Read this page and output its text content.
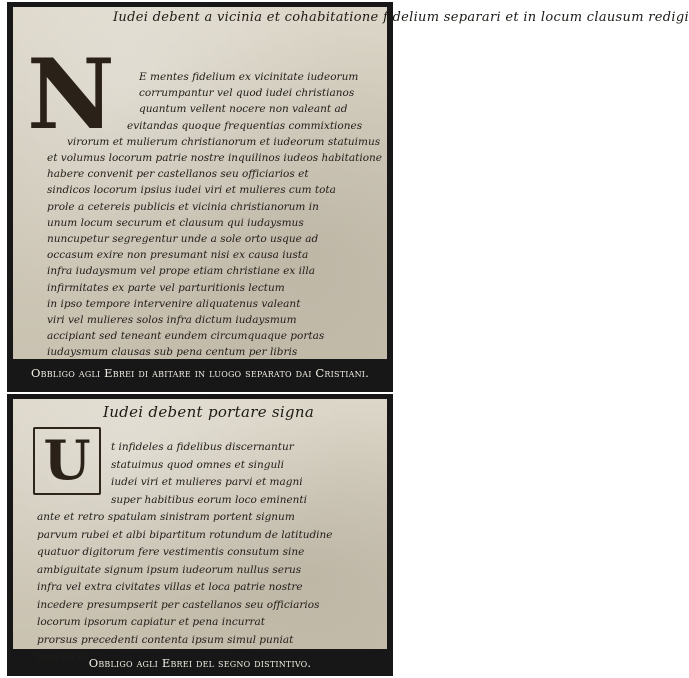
Iudei debent a vicinia et cohabitatione fidelium separari et in locum clausum redigi
N	E mentes fidelium ex vicinitate iudeorum
corrumpantur vel quod iudei christianos
quantum vellent nocere non valeant ad
evitandas quoque frequentias commixtiones
virorum et mulierum christianorum et iudeorum statuimus
et volumus locorum patrie nostre inquilinos iudeos habitatione
habere convenit per castellanos seu officiarios et
sindicos locorum ipsius iudei viri et mulieres cum tota
prole a cetereis publicis et vicinia christianorum in
unum locum securum et clausum qui iudaysmus
nuncupetur segregentur unde a sole orto usque ad
occasum exire non presumant nisi ex causa iusta
infra iudaysmum vel prope etiam christiane ex illa
infirmitates ex parte vel parturitionis lectum
in ipso tempore intervenire aliquatenus valeant
viri vel mulieres solos infra dictum iudaysmum
accipiant sed teneant eundem circumquaque portas
iudaysmum clausas sub pena centum per libris
Obbligo agli Ebrei di abitare in luogo separato dai Cristiani.
Iudei debent portare signa
U	t infideles a fidelibus discernantur
statuimus quod omnes et singuli
iudei viri et mulieres parvi et magni
super habitibus eorum loco eminenti
ante et retro spatulam sinistram portent signum
parvum rubei et albi bipartitum rotundum de latitudine
quatuor digitorum fere vestimentis consutum sine
ambiguitate signum ipsum iudeorum nullus serus
infra vel extra civitates villas et loca patrie nostre
incedere presumpserit per castellanos seu officiarios
locorum ipsorum capiatur et pena incurrat
prorsus precedenti contenta ipsum simul puniat
ipso facto Obbligo agli Ebrei del segno distintivo.
